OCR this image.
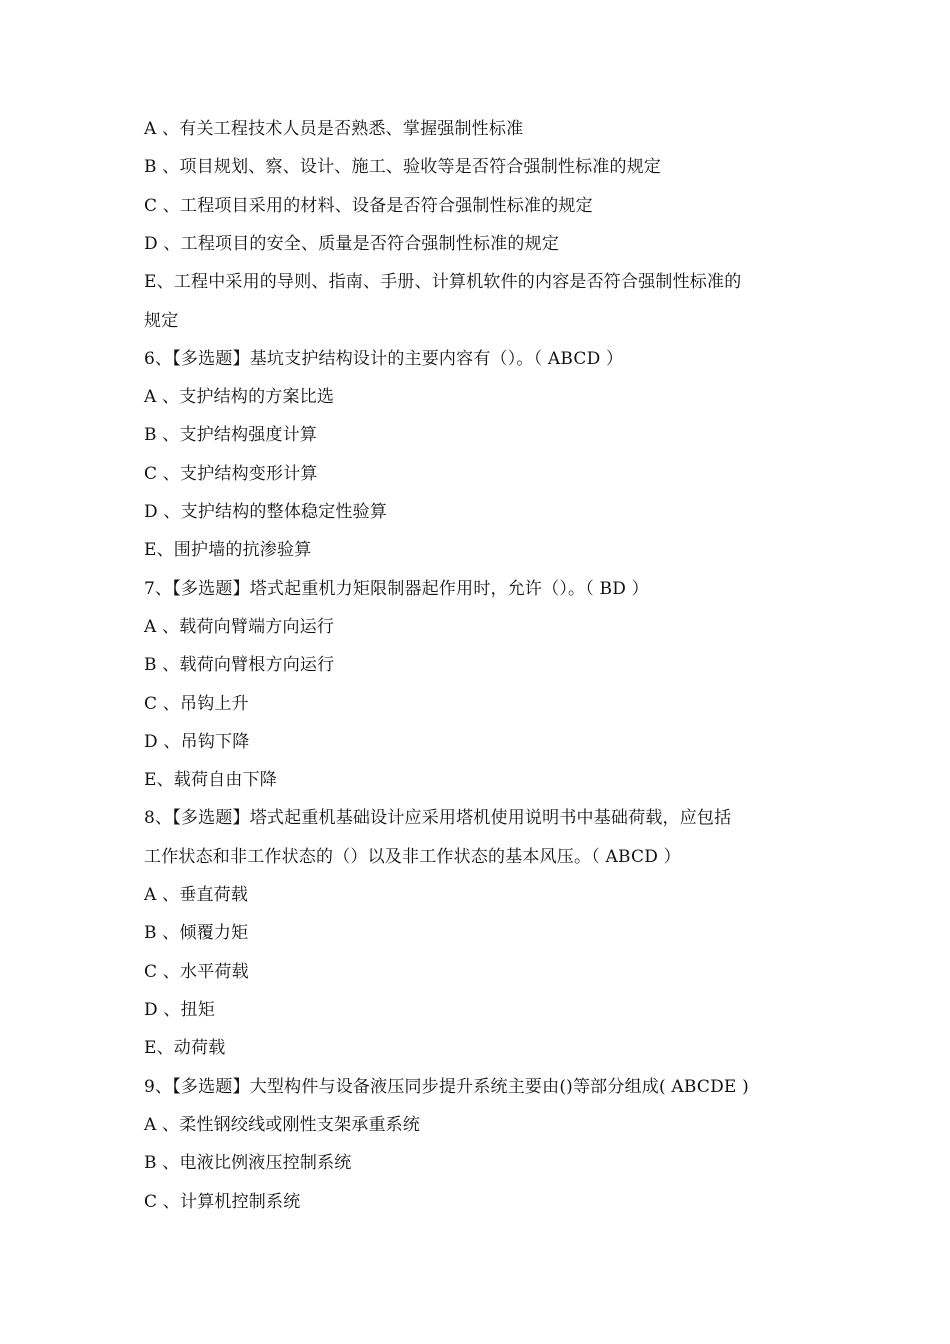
A 、有关工程技术人员是否熟悉、掌握强制性标准
B 、项目规划、察、设计、施工、验收等是否符合强制性标准的规定
C 、工程项目采用的材料、设备是否符合强制性标准的规定
D 、工程项目的安全、质量是否符合强制性标准的规定
E、工程中采用的导则、指南、手册、计算机软件的内容是否符合强制性标准的
规定
6、【多选题】基坑支护结构设计的主要内容有（）。（ ABCD ）
A 、支护结构的方案比选
B 、支护结构强度计算
C 、支护结构变形计算
D 、支护结构的整体稳定性验算
E、围护墙的抗渗验算
7、【多选题】塔式起重机力矩限制器起作用时，允许（）。（ BD ）
A 、载荷向臂端方向运行
B 、载荷向臂根方向运行
C 、吊钩上升
D 、吊钩下降
E、载荷自由下降
8、【多选题】塔式起重机基础设计应采用塔机使用说明书中基础荷载，应包括
工作状态和非工作状态的（）以及非工作状态的基本风压。（ ABCD ）
A 、垂直荷载
B 、倾覆力矩
C 、水平荷载
D 、扭矩
E、动荷载
9、【多选题】大型构件与设备液压同步提升系统主要由()等部分组成( ABCDE )
A 、柔性钢绞线或刚性支架承重系统
B 、电液比例液压控制系统
C 、计算机控制系统
